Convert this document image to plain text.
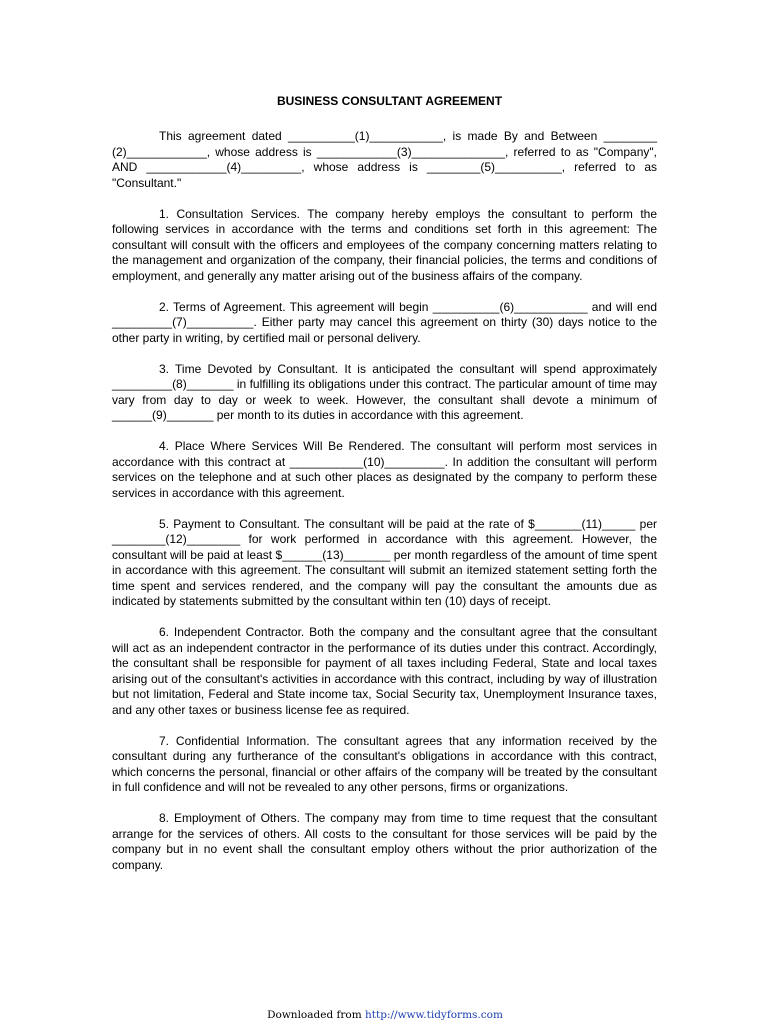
BUSINESS CONSULTANT AGREEMENT

This agreement dated __________(1)___________, is made By and Between ________ (2)____________, whose address is ____________(3)______________, referred to as "Company", AND ____________(4)_________, whose address is ________(5)__________, referred to as "Consultant."

1. Consultation Services. The company hereby employs the consultant to perform the following services in accordance with the terms and conditions set forth in this agreement: The consultant will consult with the officers and employees of the company concerning matters relating to the management and organization of the company, their financial policies, the terms and conditions of employment, and generally any matter arising out of the business affairs of the company.

2. Terms of Agreement. This agreement will begin __________(6)___________ and will end _________(7)__________. Either party may cancel this agreement on thirty (30) days notice to the other party in writing, by certified mail or personal delivery.

3. Time Devoted by Consultant. It is anticipated the consultant will spend approximately _________(8)_______ in fulfilling its obligations under this contract. The particular amount of time may vary from day to day or week to week. However, the consultant shall devote a minimum of ______(9)_______ per month to its duties in accordance with this agreement.

4. Place Where Services Will Be Rendered. The consultant will perform most services in accordance with this contract at ___________(10)_________. In addition the consultant will perform services on the telephone and at such other places as designated by the company to perform these services in accordance with this agreement.

5. Payment to Consultant. The consultant will be paid at the rate of $_______(11)_____ per ________(12)________ for work performed in accordance with this agreement. However, the consultant will be paid at least $______(13)_______ per month regardless of the amount of time spent in accordance with this agreement. The consultant will submit an itemized statement setting forth the time spent and services rendered, and the company will pay the consultant the amounts due as indicated by statements submitted by the consultant within ten (10) days of receipt.

6. Independent Contractor. Both the company and the consultant agree that the consultant will act as an independent contractor in the performance of its duties under this contract. Accordingly, the consultant shall be responsible for payment of all taxes including Federal, State and local taxes arising out of the consultant's activities in accordance with this contract, including by way of illustration but not limitation, Federal and State income tax, Social Security tax, Unemployment Insurance taxes, and any other taxes or business license fee as required.

7. Confidential Information. The consultant agrees that any information received by the consultant during any furtherance of the consultant's obligations in accordance with this contract, which concerns the personal, financial or other affairs of the company will be treated by the consultant in full confidence and will not be revealed to any other persons, firms or organizations.

8. Employment of Others. The company may from time to time request that the consultant arrange for the services of others. All costs to the consultant for those services will be paid by the company but in no event shall the consultant employ others without the prior authorization of the company.

Downloaded from http://www.tidyforms.com
